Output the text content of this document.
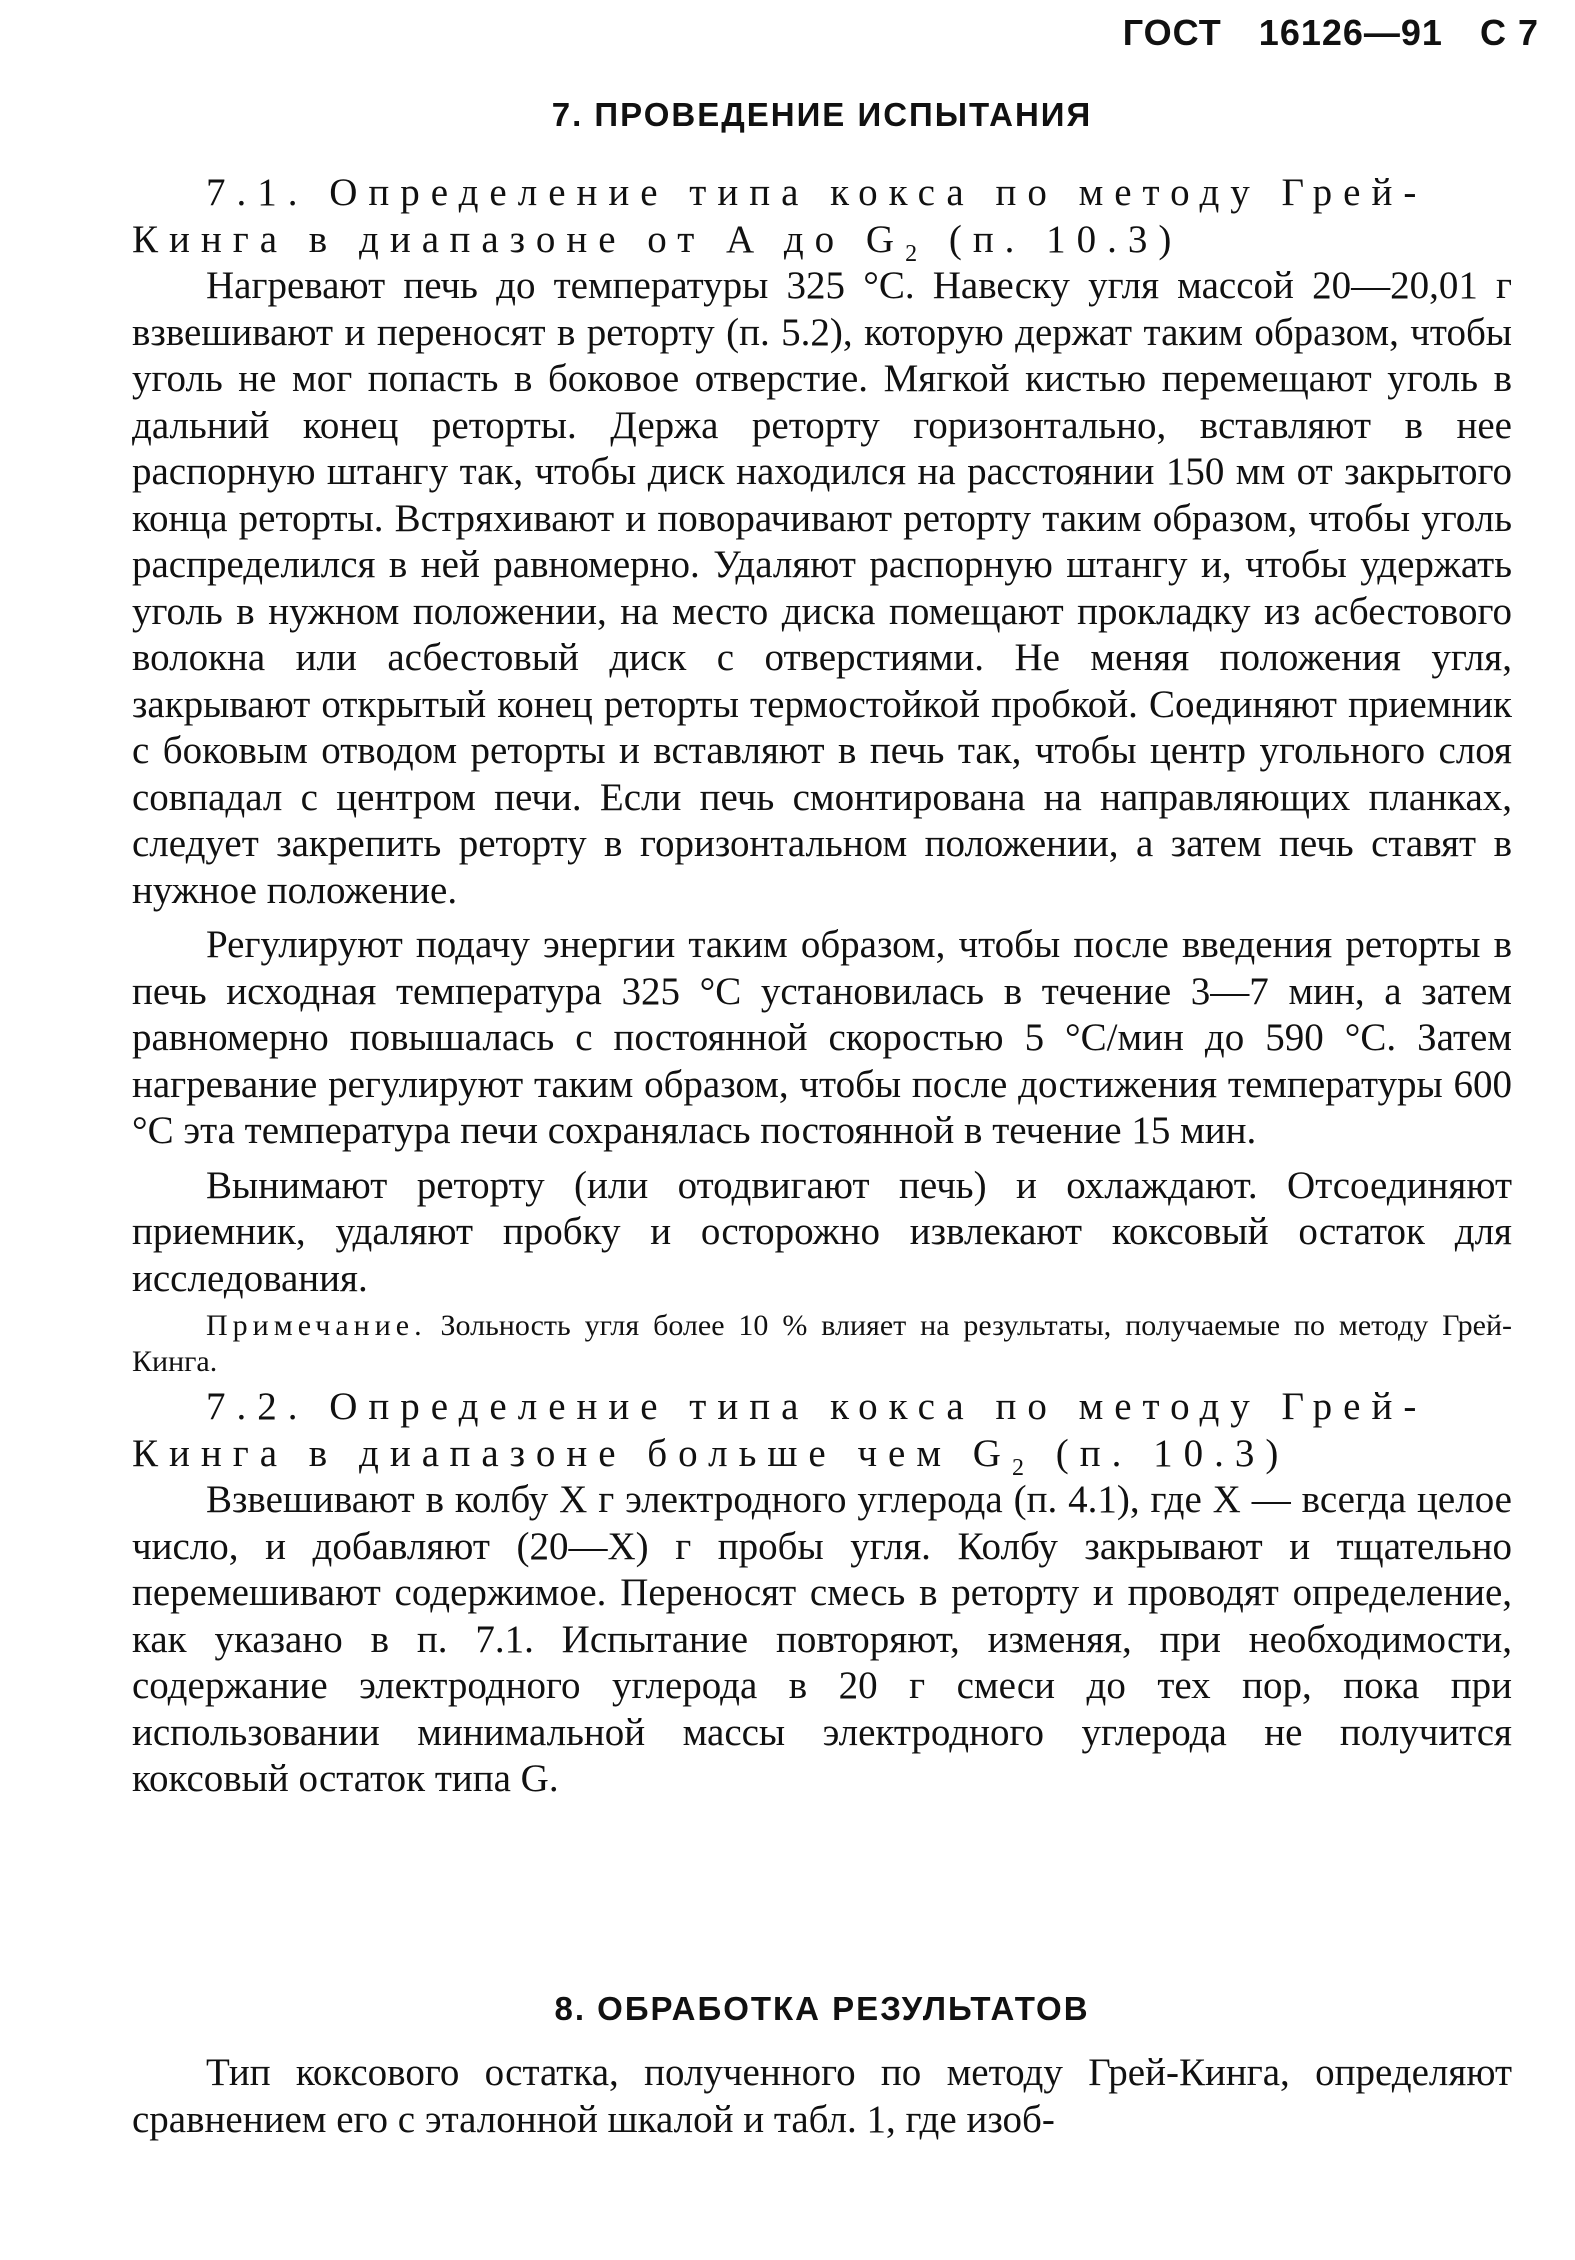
ГОСТ 16126—91 С 7
7. ПРОВЕДЕНИЕ ИСПЫТАНИЯ

7.1. Определение типа кокса по методу Грей-Кинга в диапазоне от A до $G_2$ (п. 10.3)

Нагревают печь до температуры 325 °С. Навеску угля массой 20—20,01 г взвешивают и переносят в реторту (п. 5.2), которую держат таким образом, чтобы уголь не мог попасть в боковое отверстие. Мягкой кистью перемещают уголь в дальний конец реторты. Держа реторту горизонтально, вставляют в нее распорную штангу так, чтобы диск находился на расстоянии 150 мм от закрытого конца реторты. Встряхивают и поворачивают реторту таким образом, чтобы уголь распределился в ней равномерно. Удаляют распорную штангу и, чтобы удержать уголь в нужном положении, на место диска помещают прокладку из асбестового волокна или асбестовый диск с отверстиями. Не меняя положения угля, закрывают открытый конец реторты термостойкой пробкой. Соединяют приемник с боковым отводом реторты и вставляют в печь так, чтобы центр угольного слоя совпадал с центром печи. Если печь смонтирована на направляющих планках, следует закрепить реторту в горизонтальном положении, а затем печь ставят в нужное положение.

Регулируют подачу энергии таким образом, чтобы после введения реторты в печь исходная температура 325 °С установилась в течение 3—7 мин, а затем равномерно повышалась с постоянной скоростью 5 °С/мин до 590 °С. Затем нагревание регулируют таким образом, чтобы после достижения температуры 600 °С эта температура печи сохранялась постоянной в течение 15 мин.

Вынимают реторту (или отодвигают печь) и охлаждают. Отсоединяют приемник, удаляют пробку и осторожно извлекают коксовый остаток для исследования.

Примечание. Зольность угля более 10 % влияет на результаты, получаемые по методу Грей-Кинга.

7.2. Определение типа кокса по методу Грей-Кинга в диапазоне больше чем $G_2$ (п. 10.3)

Взвешивают в колбу X г электродного углерода (п. 4.1), где X — всегда целое число, и добавляют (20—X) г пробы угля. Колбу закрывают и тщательно перемешивают содержимое. Переносят смесь в реторту и проводят определение, как указано в п. 7.1. Испытание повторяют, изменяя, при необходимости, содержание электродного углерода в 20 г смеси до тех пор, пока при использовании минимальной массы электродного углерода не получится коксовый остаток типа G.

8. ОБРАБОТКА РЕЗУЛЬТАТОВ

Тип коксового остатка, полученного по методу Грей-Кинга, определяют сравнением его с эталонной шкалой и табл. 1, где изоб-
